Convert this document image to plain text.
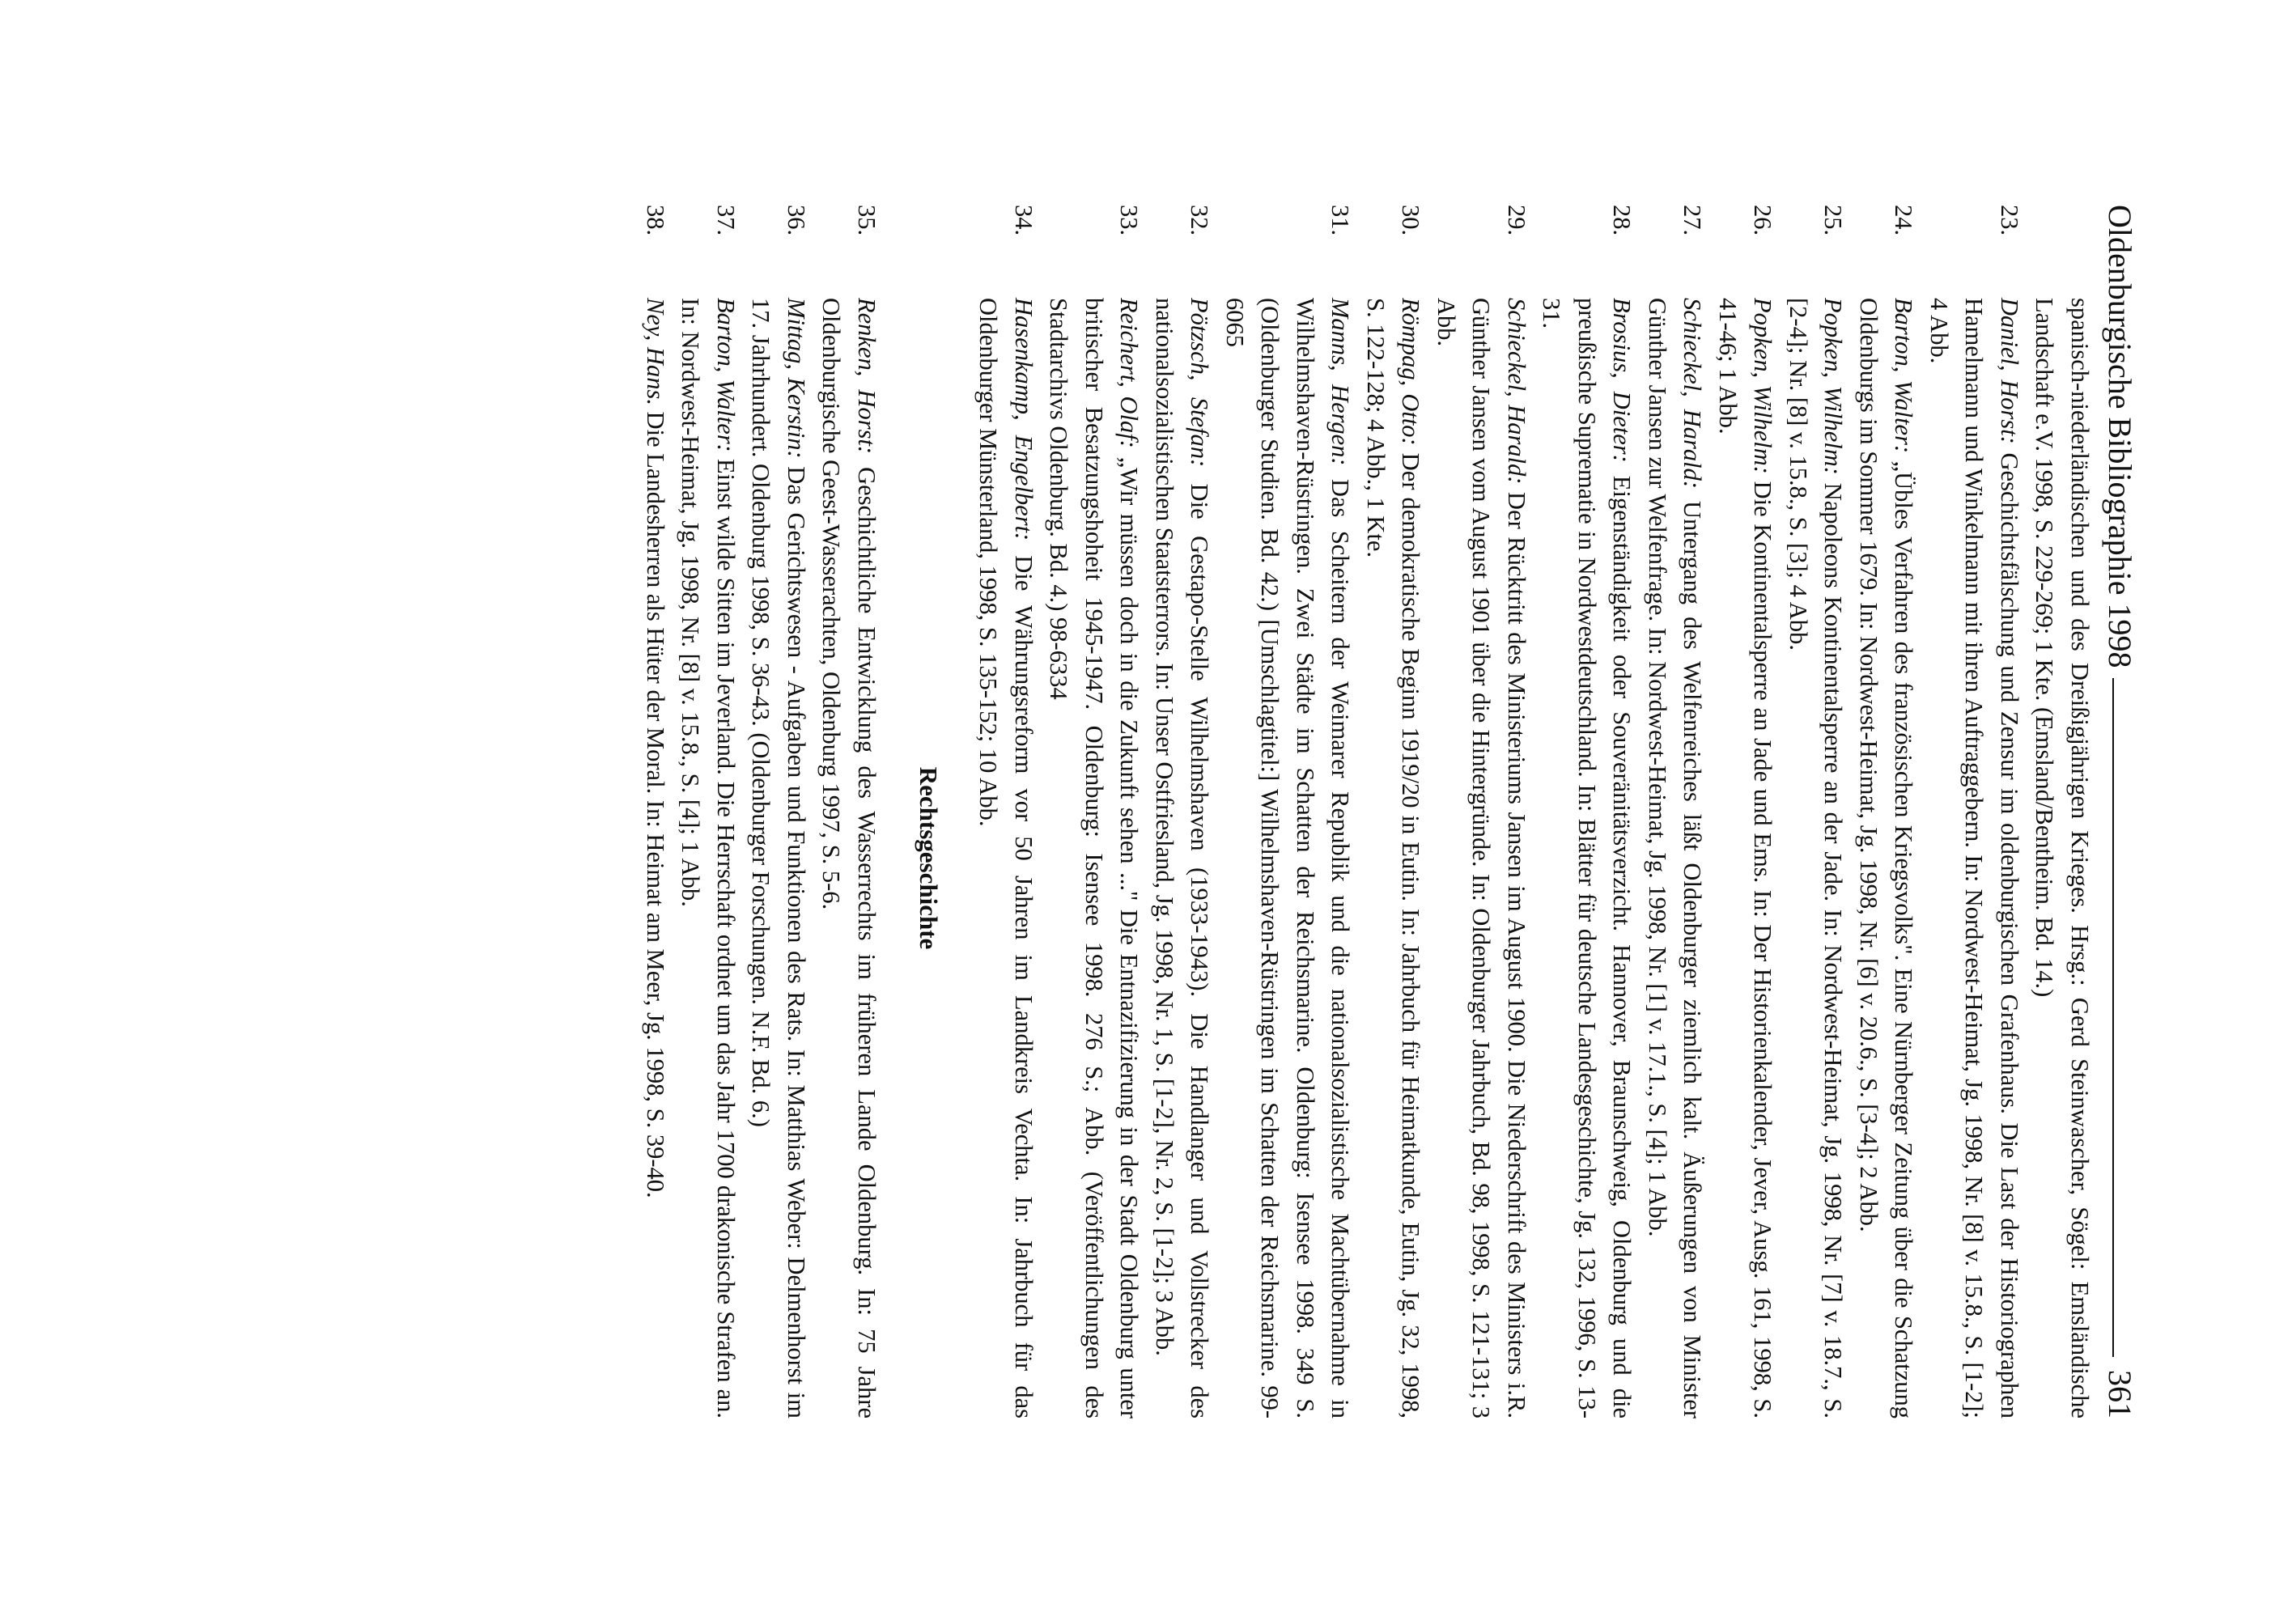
Oldenburgische Bibliographie 1998
361
spanisch-niederländischen und des Dreißigjährigen Krieges. Hrsg.: Gerd Steinwascher, Sögel: Emsländische Landschaft e.V. 1998, S. 229-269; 1 Kte. (Emsland/Bentheim. Bd. 14.)
23.
Daniel, Horst: Geschichtsfälschung und Zensur im oldenburgischen Grafenhaus. Die Last der Historiographen Hamelmann und Winkelmann mit ihren Auftraggebern. In: Nordwest-Heimat, Jg. 1998, Nr. [8] v. 15.8., S. [1-2]; 4 Abb.
24.
Barton, Walter: „Übles Verfahren des französischen Kriegsvolks". Eine Nürnberger Zeitung über die Schatzung Oldenburgs im Sommer 1679. In: Nordwest-Heimat, Jg. 1998, Nr. [6] v. 20.6., S. [3-4]; 2 Abb.
25.
Popken, Wilhelm: Napoleons Kontinentalsperre an der Jade. In: Nordwest-Heimat, Jg. 1998, Nr. [7] v. 18.7., S. [2-4]; Nr. [8] v. 15.8., S. [3]; 4 Abb.
26.
Popken, Wilhelm: Die Kontinentalsperre an Jade und Ems. In: Der Historienkalender, Jever, Ausg. 161, 1998, S. 41-46; 1 Abb.
27.
Schieckel, Harald: Untergang des Welfenreiches läßt Oldenburger ziemlich kalt. Äußerungen von Minister Günther Jansen zur Welfenfrage. In: Nordwest-Heimat, Jg. 1998, Nr. [1] v. 17.1., S. [4]; 1 Abb.
28.
Brosius, Dieter: Eigenständigkeit oder Souveränitätsverzicht. Hannover, Braunschweig, Oldenburg und die preußische Suprematie in Nordwestdeutschland. In: Blätter für deutsche Landesgeschichte, Jg. 132, 1996, S. 13-31.
29.
Schieckel, Harald: Der Rücktritt des Ministeriums Jansen im August 1900. Die Niederschrift des Ministers i.R. Günther Jansen vom August 1901 über die Hintergründe. In: Oldenburger Jahrbuch, Bd. 98, 1998, S. 121-131; 3 Abb.
30.
Römpag, Otto: Der demokratische Beginn 1919/20 in Eutin. In: Jahrbuch für Heimatkunde, Eutin, Jg. 32, 1998, S. 122-128; 4 Abb., 1 Kte.
31.
Manns, Hergen: Das Scheitern der Weimarer Republik und die nationalsozialistische Machtübernahme in Wilhelmshaven-Rüstringen. Zwei Städte im Schatten der Reichsmarine. Oldenburg: Isensee 1998. 349 S. (Oldenburger Studien. Bd. 42.) [Umschlagtitel:] Wilhelmshaven-Rüstringen im Schatten der Reichsmarine. 99-6065
32.
Pötzsch, Stefan: Die Gestapo-Stelle Wilhelmshaven (1933-1943). Die Handlanger und Vollstrecker des nationalsozialistischen Staatsterrors. In: Unser Ostfriesland, Jg. 1998, Nr. 1, S. [1-2], Nr. 2, S. [1-2]; 3 Abb.
33.
Reichert, Olaf: „Wir müssen doch in die Zukunft sehen ..." Die Entnazifizierung in der Stadt Oldenburg unter britischer Besatzungshoheit 1945-1947. Oldenburg: Isensee 1998. 276 S.; Abb. (Veröffentlichungen des Stadtarchivs Oldenburg. Bd. 4.) 98-6334
34.
Hasenkamp, Engelbert: Die Währungsreform vor 50 Jahren im Landkreis Vechta. In: Jahrbuch für das Oldenburger Münsterland, 1998, S. 135-152; 10 Abb.
Rechtsgeschichte
35.
Renken, Horst: Geschichtliche Entwicklung des Wasserrechts im früheren Lande Oldenburg. In: 75 Jahre Oldenburgische Geest-Wasserachten, Oldenburg 1997, S. 5-6.
36.
Mittag, Kerstin: Das Gerichtswesen - Aufgaben und Funktionen des Rats. In: Matthias Weber: Delmenhorst im 17. Jahrhundert. Oldenburg 1998, S. 36-43. (Oldenburger Forschungen. N.F. Bd. 6.)
37.
Barton, Walter: Einst wilde Sitten im Jeverland. Die Herrschaft ordnet um das Jahr 1700 drakonische Strafen an. In: Nordwest-Heimat, Jg. 1998, Nr. [8] v. 15.8., S. [4]; 1 Abb.
38.
Ney, Hans. Die Landesherren als Hüter der Moral. In: Heimat am Meer, Jg. 1998, S. 39-40.
